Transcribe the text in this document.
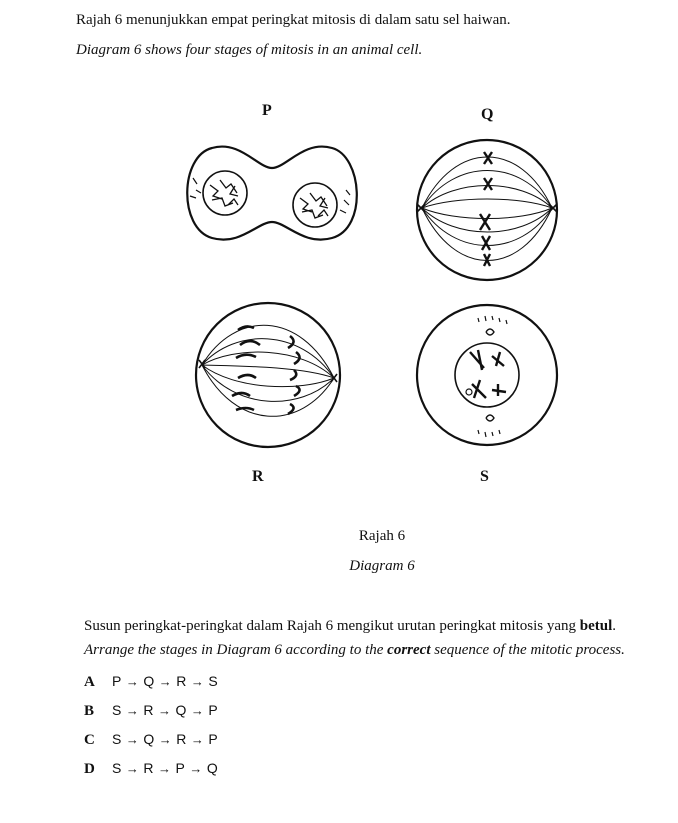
Rajah 6 menunjukkan empat peringkat mitosis di dalam satu sel haiwan.
Diagram 6 shows four stages of mitosis in an animal cell.
P	Q
R	S
Rajah 6
Diagram 6
Susun peringkat-peringkat dalam Rajah 6 mengikut urutan peringkat mitosis yang betul.
Arrange the stages in Diagram 6 according to the correct sequence of the mitotic process.
A P → Q → R → S
B S → R → Q → P
C S → Q → R → P
D S → R → P → Q
